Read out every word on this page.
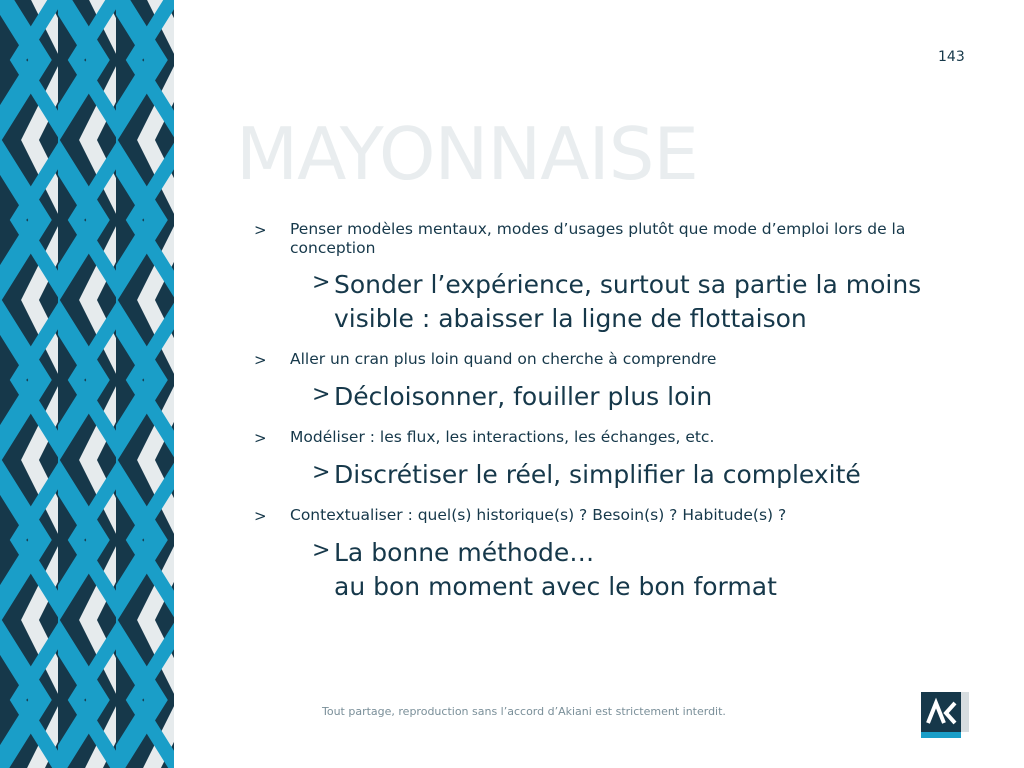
143
MAYONNAISE
>	Penser modèles mentaux, modes d’usages plutôt que mode d’emploi lors de la conception
> Sonder l’expérience, surtout sa partie la moins visible : abaisser la ligne de flottaison
>	Aller un cran plus loin quand on cherche à comprendre
> Décloisonner, fouiller plus loin
>	Modéliser : les flux, les interactions, les échanges, etc.
> Discrétiser le réel, simplifier la complexité
>	Contextualiser : quel(s) historique(s) ? Besoin(s) ? Habitude(s) ?
> La bonne méthode…
au bon moment avec le bon format
Tout partage, reproduction sans l’accord d’Akiani est strictement interdit.
